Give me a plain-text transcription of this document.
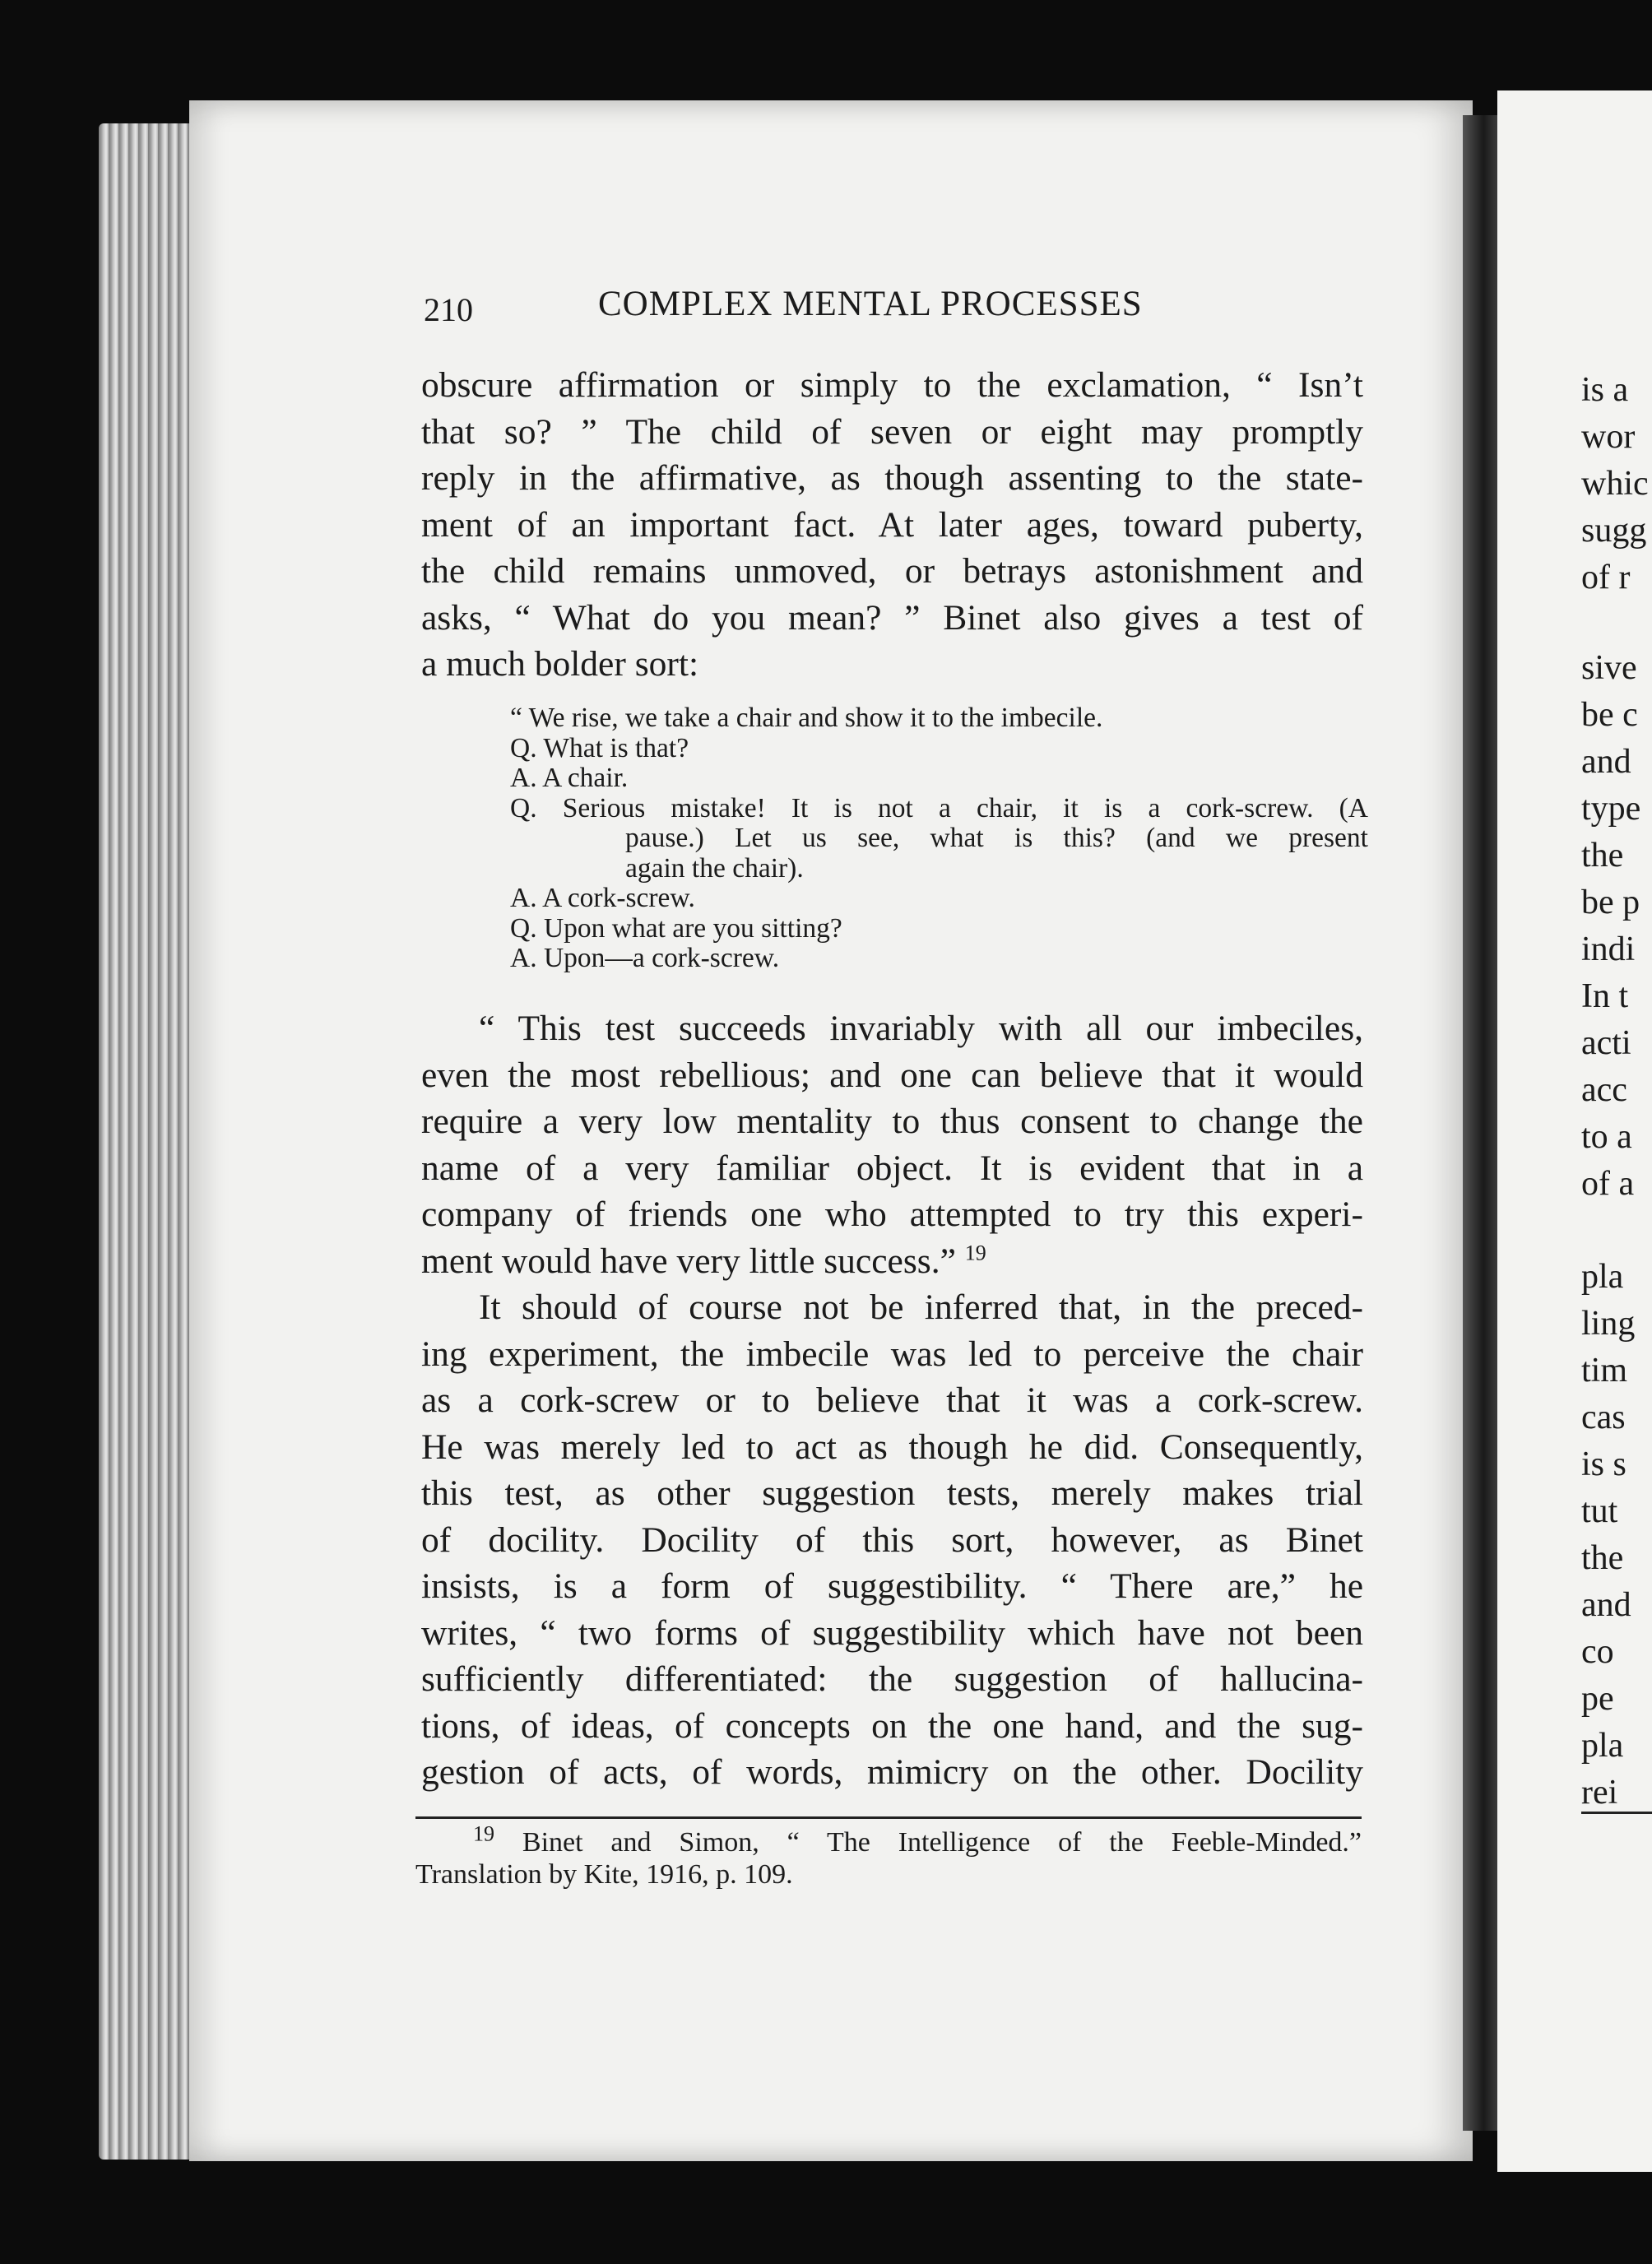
is a
wor
whic
sugg
of r
sive
be c
and
type
the
be p
indi
In t
acti
acc
to a
of a
pla
ling
tim
cas
is s
tut
the
and
co
pe
pla
rei
210	COMPLEX MENTAL PROCESSES
obscure affirmation or simply to the exclamation, “ Isn’t
that so? ” The child of seven or eight may promptly
reply in the affirmative, as though assenting to the state-
ment of an important fact. At later ages, toward puberty,
the child remains unmoved, or betrays astonishment and
asks, “ What do you mean? ” Binet also gives a test of
a much bolder sort:
“ We rise, we take a chair and show it to the imbecile.
Q. What is that?
A. A chair.
Q. Serious mistake! It is not a chair, it is a cork-screw. (A
pause.) Let us see, what is this? (and we present
again the chair).
A. A cork-screw.
Q. Upon what are you sitting?
A. Upon—a cork-screw.
“ This test succeeds invariably with all our imbeciles,
even the most rebellious; and one can believe that it would
require a very low mentality to thus consent to change the
name of a very familiar object. It is evident that in a
company of friends one who attempted to try this experi-
ment would have very little success.” $^{19}$
It should of course not be inferred that, in the preced-
ing experiment, the imbecile was led to perceive the chair
as a cork-screw or to believe that it was a cork-screw.
He was merely led to act as though he did. Consequently,
this test, as other suggestion tests, merely makes trial
of docility. Docility of this sort, however, as Binet
insists, is a form of suggestibility. “ There are,” he
writes, “ two forms of suggestibility which have not been
sufficiently differentiated: the suggestion of hallucina-
tions, of ideas, of concepts on the one hand, and the sug-
gestion of acts, of words, mimicry on the other. Docility
$^{19}$ Binet and Simon, “ The Intelligence of the Feeble-Minded.”
Translation by Kite, 1916, p. 109.
